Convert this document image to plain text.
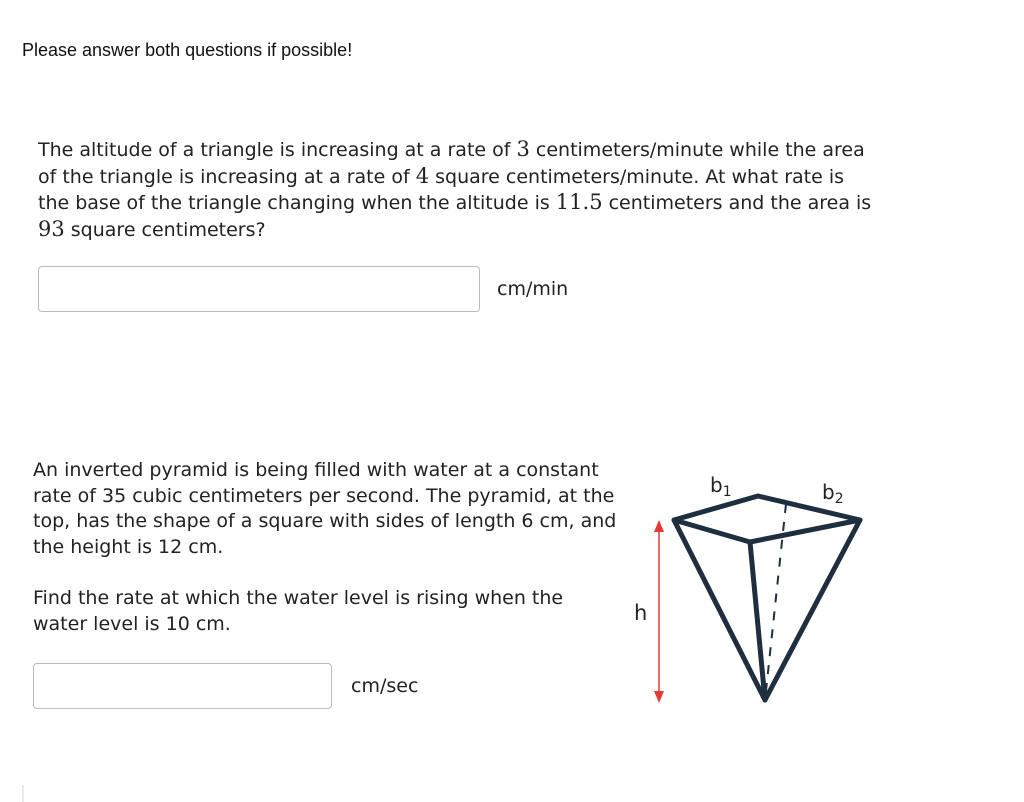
Please answer both questions if possible!
The altitude of a triangle is increasing at a rate of 3 centimeters/minute while the area of the triangle is increasing at a rate of 4 square centimeters/minute. At what rate is the base of the triangle changing when the altitude is 11.5 centimeters and the area is 93 square centimeters?
cm/min
An inverted pyramid is being filled with water at a constant rate of 35 cubic centimeters per second. The pyramid, at the top, has the shape of a square with sides of length 6 cm, and the height is 12 cm.
Find the rate at which the water level is rising when the water level is 10 cm.
cm/sec
h
$b_1$	$b_2$
